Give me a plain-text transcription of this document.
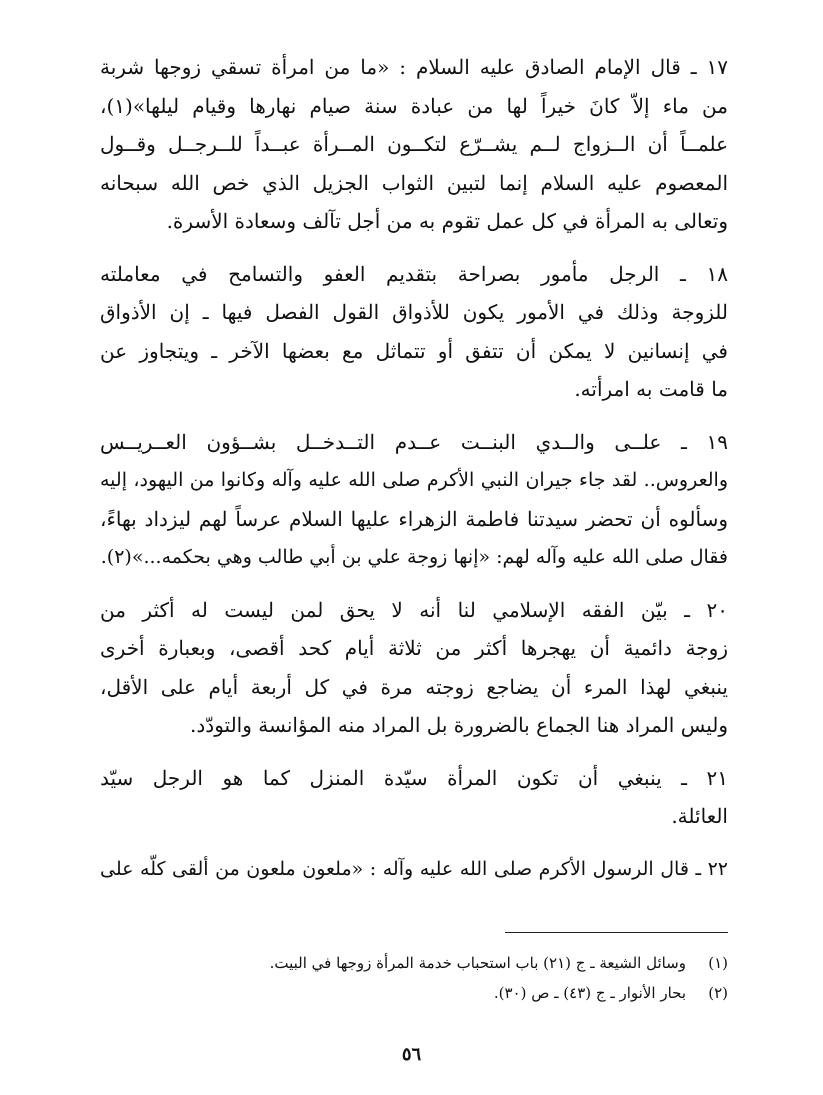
١٧ ـ قال الإمام الصادق عليه السلام : «ما من امرأة تسقي زوجها شربة
من ماء إلاّ كانَ خيراً لها من عبادة سنة صيام نهارها وقيام ليلها»(١)،
علمــاً أن الــزواج لــم يشــرّع لتكــون المــرأة عبــداً للــرجــل وقــول
المعصوم عليه السلام إنما لتبين الثواب الجزيل الذي خص الله سبحانه
وتعالى به المرأة في كل عمل تقوم به من أجل تآلف وسعادة الأسرة.
١٨ ـ الرجل مأمور بصراحة بتقديم العفو والتسامح في معاملته
للزوجة وذلك في الأمور يكون للأذواق القول الفصل فيها ـ إن الأذواق
في إنسانين لا يمكن أن تتفق أو تتماثل مع بعضها الآخر ـ ويتجاوز عن
ما قامت به امرأته.
١٩ ـ علــى والــدي البنــت عــدم التــدخــل بشــؤون العــريــس
والعروس.. لقد جاء جيران النبي الأكرم صلى الله عليه وآله وكانوا من اليهود، إليه
وسألوه أن تحضر سيدتنا فاطمة الزهراء عليها السلام عرساً لهم ليزداد بهاءً،
فقال صلى الله عليه وآله لهم: «إنها زوجة علي بن أبي طالب وهي بحكمه...»(٢).
٢٠ ـ بيّن الفقه الإسلامي لنا أنه لا يحق لمن ليست له أكثر من
زوجة دائمية أن يهجرها أكثر من ثلاثة أيام كحد أقصى، وبعبارة أخرى
ينبغي لهذا المرء أن يضاجع زوجته مرة في كل أربعة أيام على الأقل،
وليس المراد هنا الجماع بالضرورة بل المراد منه المؤانسة والتودّد.
٢١ ـ ينبغي أن تكون المرأة سيّدة المنزل كما هو الرجل سيّد
العائلة.
٢٢ ـ قال الرسول الأكرم صلى الله عليه وآله : «ملعون ملعون من ألقى كلّه على
(١)وسائل الشيعة ـ ج (٢١) باب استحباب خدمة المرأة زوجها في البيت.
(٢)بحار الأنوار ـ ج (٤٣) ـ ص (٣٠).
٥٦
